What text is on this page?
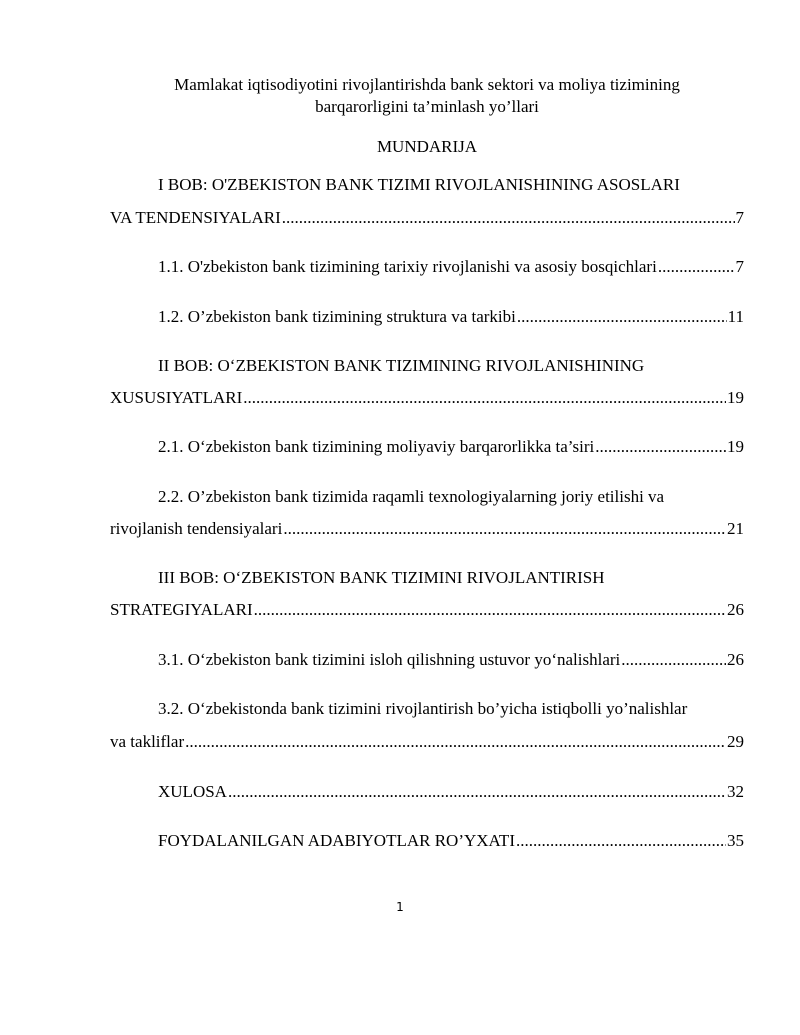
Mamlakat iqtisodiyotini rivojlantirishda bank sektori va moliya tizimining
barqarorligini ta’minlash yo’llari
MUNDARIJA
I BOB: O'ZBEKISTON BANK TIZIMI RIVOJLANISHINING ASOSLARI
VA TENDENSIYALARI .....	7
1.1. O'zbekiston bank tizimining tarixiy rivojlanishi va asosiy bosqichlari .....	7
1.2. O’zbekiston bank tizimining struktura va tarkibi .....	11
II BOB: O‘ZBEKISTON BANK TIZIMINING RIVOJLANISHINING
XUSUSIYATLARI .....	19
2.1. O‘zbekiston bank tizimining moliyaviy barqarorlikka ta’siri .....	19
2.2. O’zbekiston bank tizimida raqamli texnologiyalarning joriy etilishi va
rivojlanish tendensiyalari .....	21
III BOB: O‘ZBEKISTON BANK TIZIMINI RIVOJLANTIRISH
STRATEGIYALARI .....	26
3.1. O‘zbekiston bank tizimini isloh qilishning ustuvor yo‘nalishlari .....	26
3.2. O‘zbekistonda bank tizimini rivojlantirish bo’yicha istiqbolli yo’nalishlar
va takliflar .....	29
XULOSA .....	32
FOYDALANILGAN ADABIYOTLAR RO’YXATI .....	35
1
